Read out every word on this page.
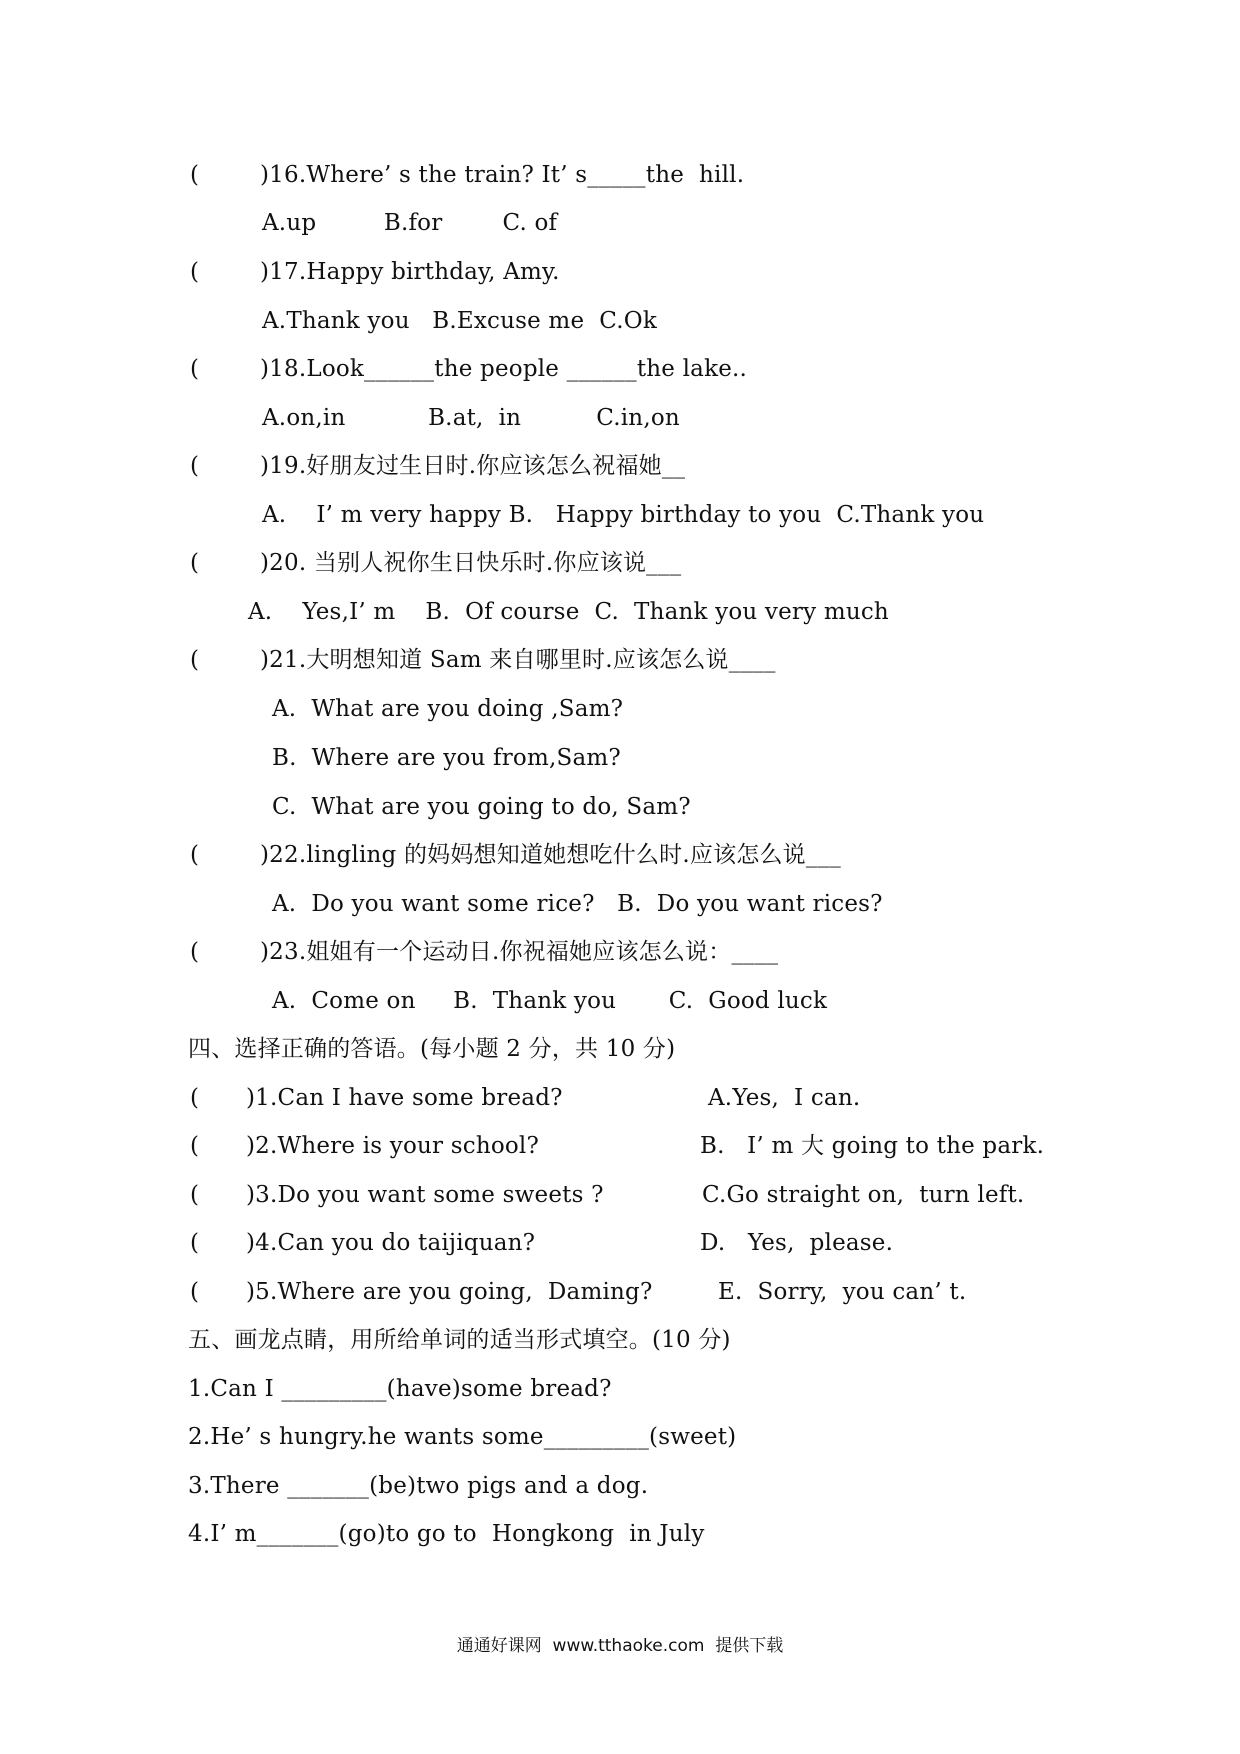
(	)16.Where’ s the train? It’ s_____the  hill.
A.up         B.for        C. of
(	)17.Happy birthday, Amy.
A.Thank you   B.Excuse me  C.Ok
(	)18.Look______the people ______the lake..
A.on,in           B.at,  in          C.in,on
(	)19.好朋友过生日时.你应该怎么祝福她__
A.    I’ m very happy B.   Happy birthday to you  C.Thank you
(	)20. 当别人祝你生日快乐时.你应该说___
A.    Yes,I’ m    B.  Of course  C.  Thank you very much
(	)21.大明想知道 Sam 来自哪里时.应该怎么说____
A.  What are you doing ,Sam?
B.  Where are you from,Sam?
C.  What are you going to do, Sam?
(	)22.lingling 的妈妈想知道她想吃什么时.应该怎么说___
A.  Do you want some rice?   B.  Do you want rices?
(	)23.姐姐有一个运动日.你祝福她应该怎么说：____
A.  Come on     B.  Thank you       C.  Good luck
四、选择正确的答语。(每小题 2 分，共 10 分)
( )1.Can I have some bread?	A.Yes,  I can.
( )2.Where is your school?	B.   I’ m 大 going to the park.
( )3.Do you want some sweets ?	C.Go straight on,  turn left.
( )4.Can you do taijiquan?	D.   Yes,  please.
( )5.Where are you going,  Daming?	E.  Sorry,  you can’ t.
五、画龙点睛，用所给单词的适当形式填空。(10 分)
1.Can I _________(have)some bread?
2.He’ s hungry.he wants some_________(sweet)
3.There _______(be)two pigs and a dog.
4.I’ m_______(go)to go to  Hongkong  in July
通通好课网  www.tthaoke.com  提供下载
